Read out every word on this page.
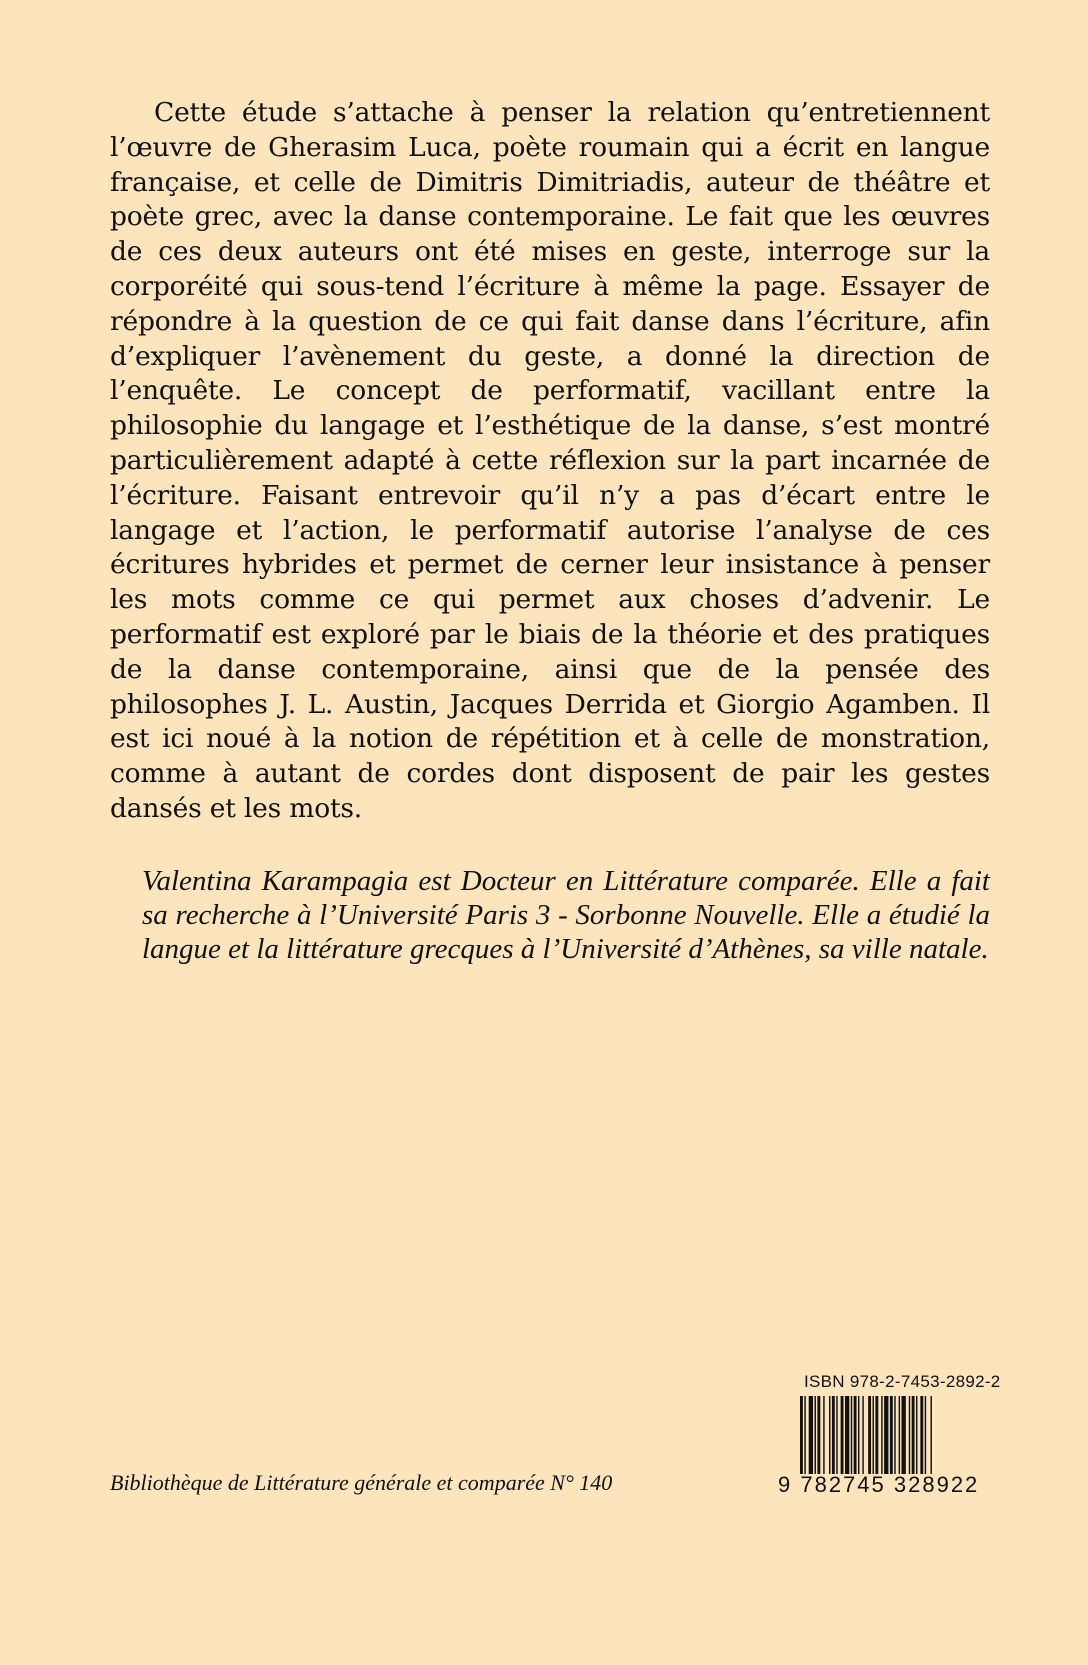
Cette étude s’attache à penser la relation qu’entretiennent l’œuvre de Gherasim Luca, poète roumain qui a écrit en langue française, et celle de Dimitris Dimitriadis, auteur de théâtre et poète grec, avec la danse contemporaine. Le fait que les œuvres de ces deux auteurs ont été mises en geste, interroge sur la corporéité qui sous-tend l’écriture à même la page. Essayer de répondre à la question de ce qui fait danse dans l’écriture, afin d’expliquer l’avènement du geste, a donné la direction de l’enquête. Le concept de performatif, vacillant entre la philosophie du langage et l’esthétique de la danse, s’est montré particulièrement adapté à cette réflexion sur la part incarnée de l’écriture. Faisant entrevoir qu’il n’y a pas d’écart entre le langage et l’action, le performatif autorise l’analyse de ces écritures hybrides et permet de cerner leur insistance à penser les mots comme ce qui permet aux choses d’advenir. Le performatif est exploré par le biais de la théorie et des pratiques de la danse contemporaine, ainsi que de la pensée des philosophes J. L. Austin, Jacques Derrida et Giorgio Agamben. Il est ici noué à la notion de répétition et à celle de monstration, comme à autant de cordes dont disposent de pair les gestes dansés et les mots.

Valentina Karampagia est Docteur en Littérature comparée. Elle a fait sa recherche à l’Université Paris 3 - Sorbonne Nouvelle. Elle a étudié la langue et la littérature grecques à l’Université d’Athènes, sa ville natale.

Bibliothèque de Littérature générale et comparée N° 140

ISBN 978-2-7453-2892-2
9 782745 328922
